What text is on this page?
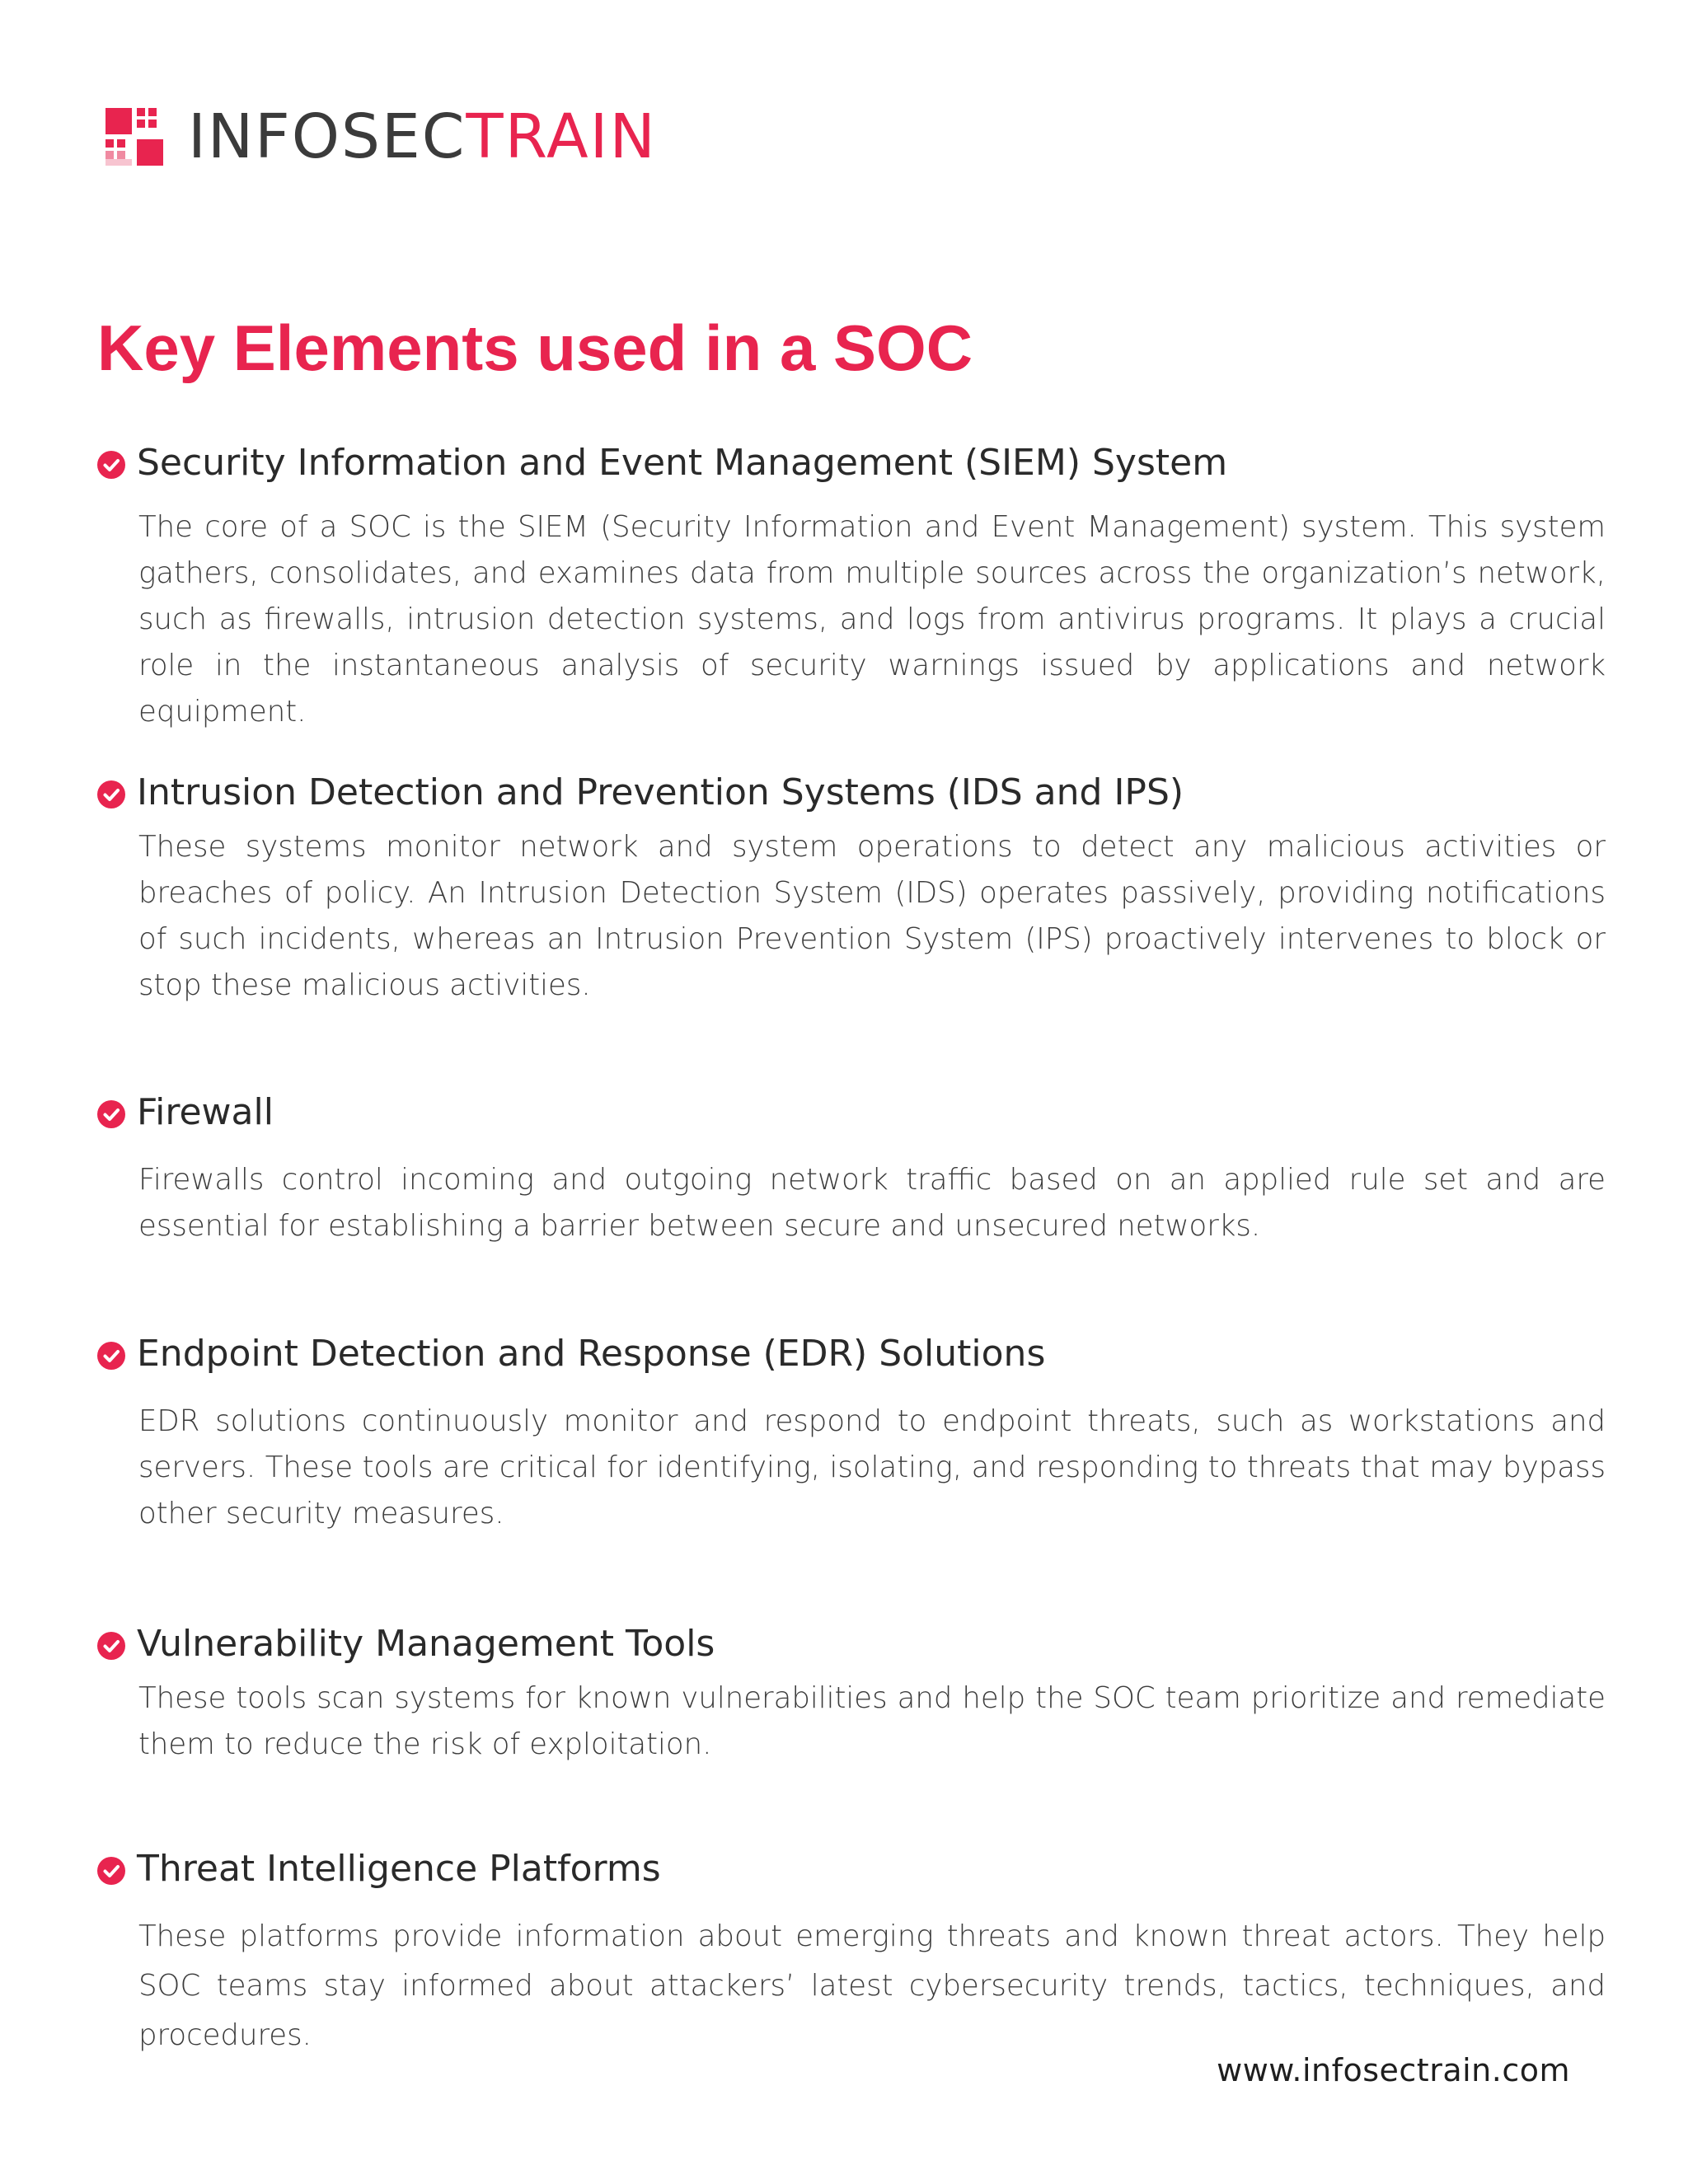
INFOSECTRAIN
Key Elements used in a SOC
Security Information and Event Management (SIEM) System

The core of a SOC is the SIEM (Security Information and Event Management) system. This system gathers, consolidates, and examines data from multiple sources across the organization’s network, such as firewalls, intrusion detection systems, and logs from antivirus programs. It plays a crucial role in the instantaneous analysis of security warnings issued by applications and network equipment.

Intrusion Detection and Prevention Systems (IDS and IPS)

These systems monitor network and system operations to detect any malicious activities or breaches of policy. An Intrusion Detection System (IDS) operates passively, providing notifications of such incidents, whereas an Intrusion Prevention System (IPS) proactively intervenes to block or stop these malicious activities.

Firewall

Firewalls control incoming and outgoing network traffic based on an applied rule set and are essential for establishing a barrier between secure and unsecured networks.

Endpoint Detection and Response (EDR) Solutions

EDR solutions continuously monitor and respond to endpoint threats, such as workstations and servers. These tools are critical for identifying, isolating, and responding to threats that may bypass other security measures.

Vulnerability Management Tools

These tools scan systems for known vulnerabilities and help the SOC team prioritize and remediate them to reduce the risk of exploitation.

Threat Intelligence Platforms

These platforms provide information about emerging threats and known threat actors. They help SOC teams stay informed about attackers’ latest cybersecurity trends, tactics, techniques, and procedures.

www.infosectrain.com
